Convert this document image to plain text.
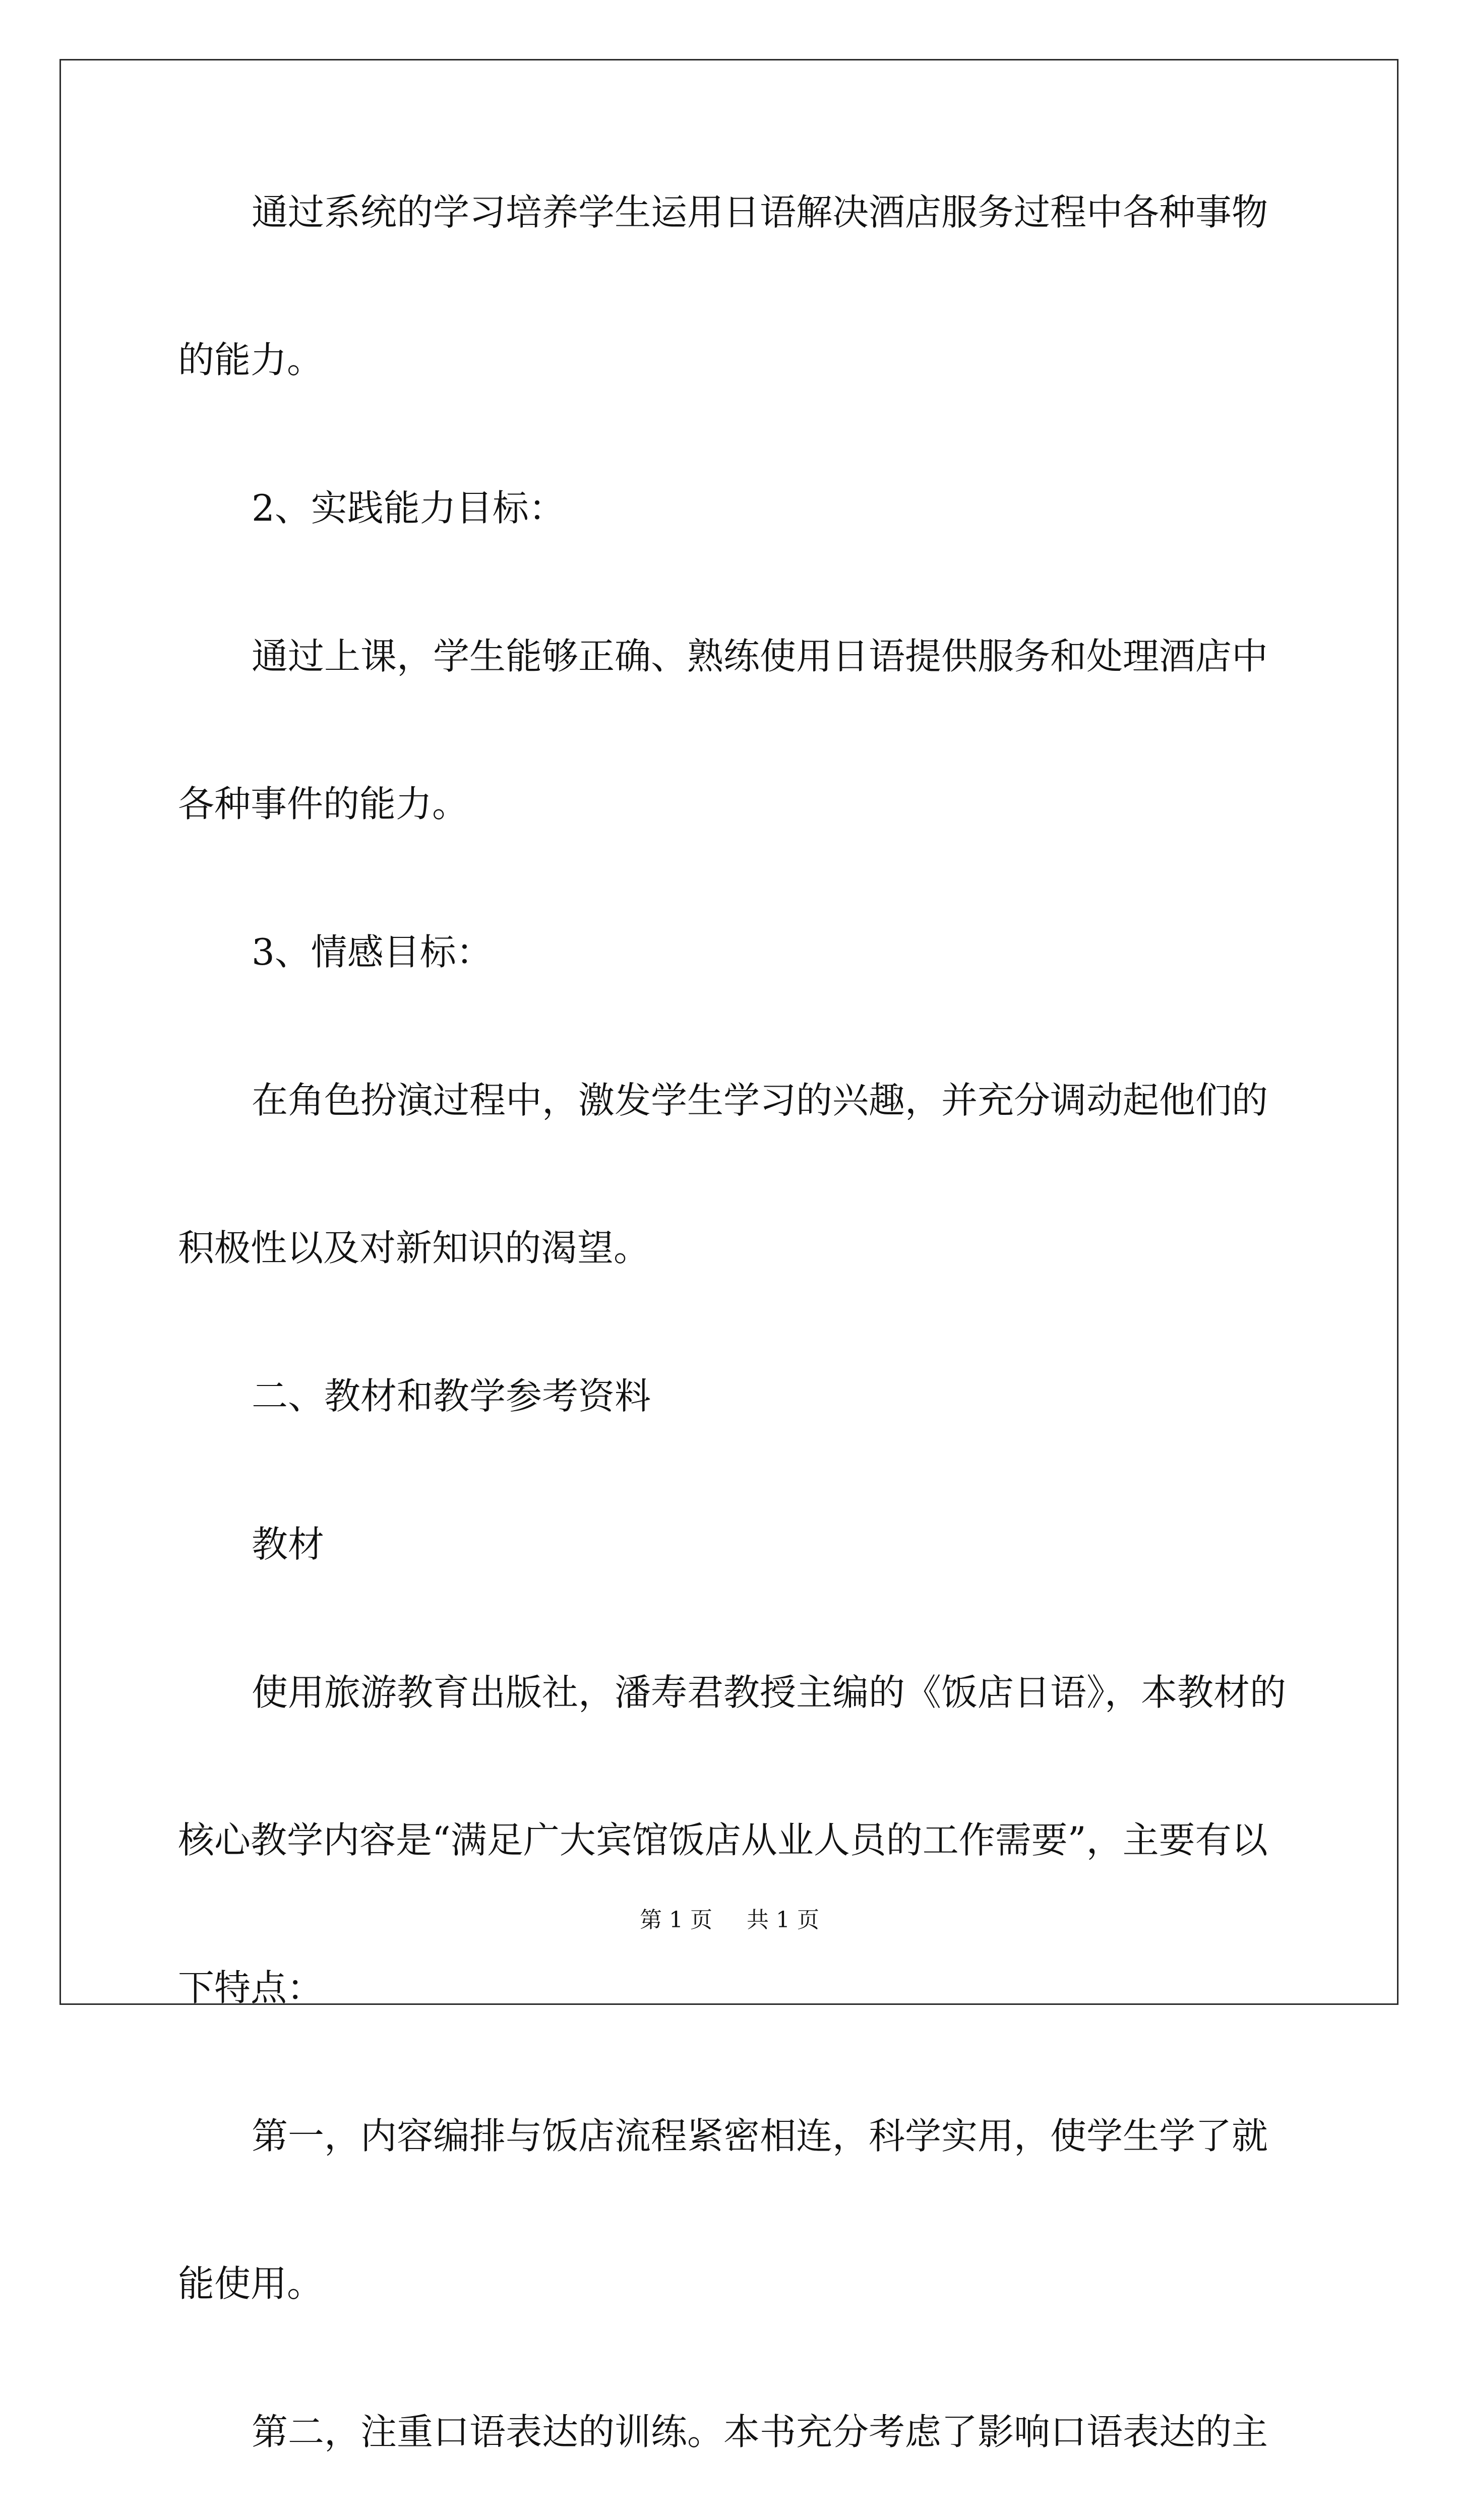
通过系统的学习培养学生运用日语解决酒店服务过程中各种事物
的能力。
2、实践能力目标：
通过上课，学生能够正确、熟练使用日语提供服务和处理酒店中
各种事件的能力。
3、情感目标：
在角色扮演过程中，激发学生学习的兴趣，并充分调动起他们的
积极性以及对新知识的渴望。
二、教材和教学参考资料
教材
使用旅游教育出版社，潘寿君教授主编的《饭店日语》，本教材的
核心教学内容是“满足广大宾馆饭店从业人员的工作需要”，主要有以
下特点：
第一，内容编排与饭店流程紧密相连，科学实用，使学生学了就
能使用。
第二，注重口语表达的训练。本书充分考虑了影响口语表达的主
第 1 页 共 1 页
